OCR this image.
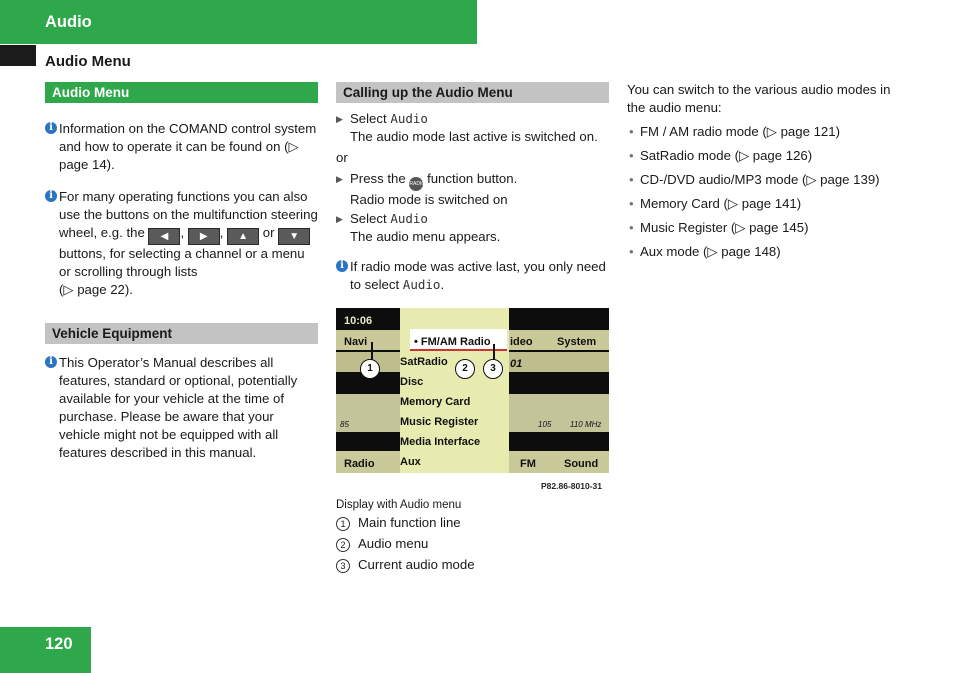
Audio
Audio Menu
Audio Menu
i Information on the COMAND control system and how to operate it can be found on (▷ page 14).
i For many operating functions you can also use the buttons on the multifunction steering wheel, e.g. the ◀ , ▶ , ▲ or ▼ buttons, for selecting a channel or a menu or scrolling through lists
(▷ page 22).
Vehicle Equipment
i This Operator’s Manual describes all features, standard or optional, potentially available for your vehicle at the time of purchase. Please be aware that your vehicle might not be equipped with all features described in this manual.
Calling up the Audio Menu
▶ Select Audio
The audio mode last active is switched on.
or
▶ Press the RADIO function button.
Radio mode is switched on
▶ Select Audio
The audio menu appears.
i If radio mode was active last, you only need to select Audio.
Display with Audio menu
1 Main function line
2 Audio menu
3 Current audio mode
10:06
Navi	ideo System
01
85	105 110 MHz
Radio	FM	Sound
• FM/AM Radio
SatRadio
Disc
Memory Card
Music Register
Media Interface
Aux
1	2	3
P82.86-8010-31
You can switch to the various audio modes in the audio menu:
• FM / AM radio mode (▷ page 121)
• SatRadio mode (▷ page 126)
• CD-/DVD audio/MP3 mode (▷ page 139)
• Memory Card (▷ page 141)
• Music Register (▷ page 145)
• Aux mode (▷ page 148)
120
